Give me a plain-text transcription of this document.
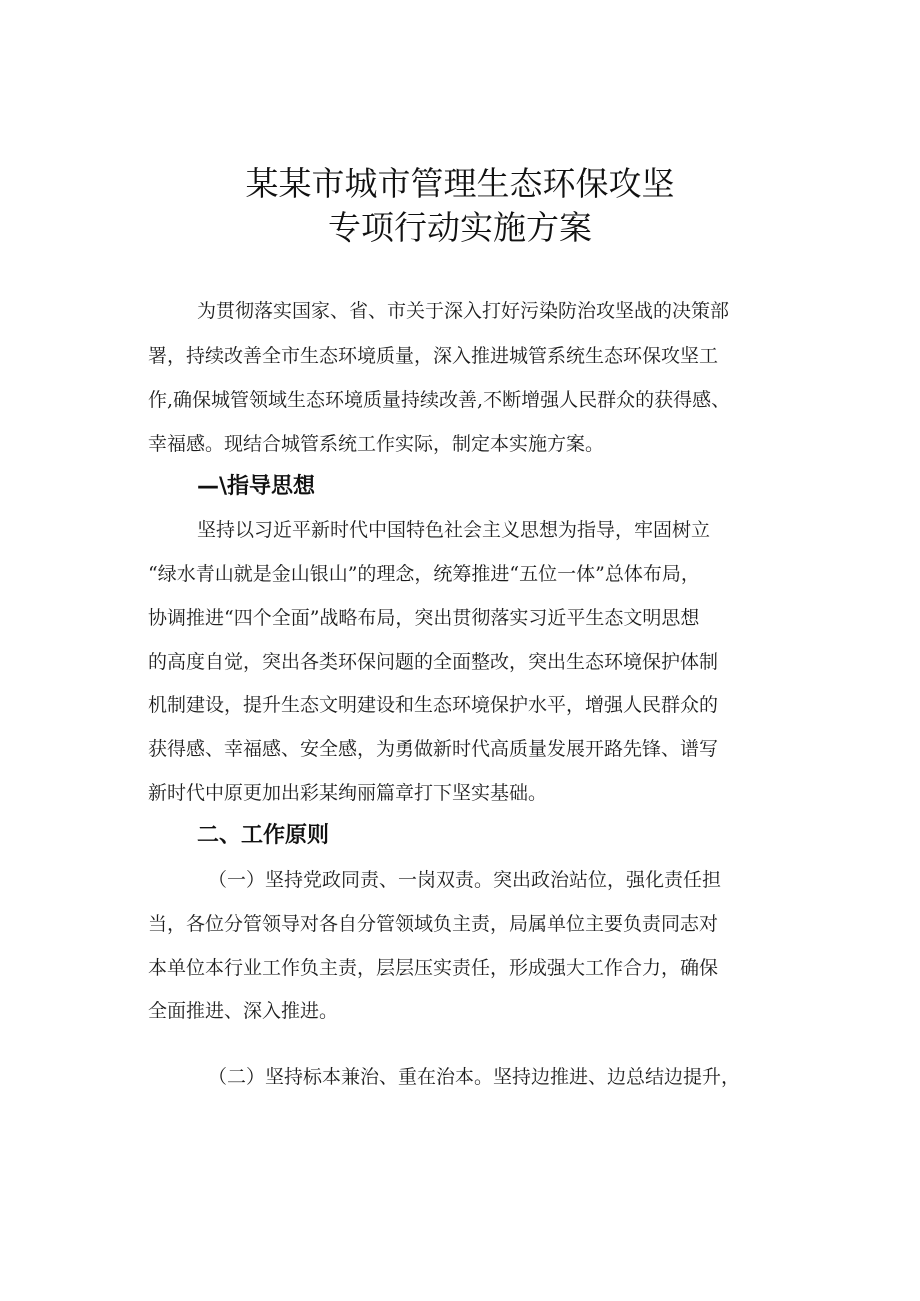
某某市城市管理生态环保攻坚
专项行动实施方案
为贯彻落实国家、省、市关于深入打好污染防治攻坚战的决策部
署，持续改善全市生态环境质量，深入推进城管系统生态环保攻坚工
作,确保城管领域生态环境质量持续改善,不断增强人民群众的获得感、
幸福感。现结合城管系统工作实际，制定本实施方案。
—\指导思想
坚持以习近平新时代中国特色社会主义思想为指导，牢固树立
“绿水青山就是金山银山”的理念，统筹推进“五位一体”总体布局，
协调推进“四个全面”战略布局，突出贯彻落实习近平生态文明思想
的高度自觉，突出各类环保问题的全面整改，突出生态环境保护体制
机制建设，提升生态文明建设和生态环境保护水平，增强人民群众的
获得感、幸福感、安全感，为勇做新时代高质量发展开路先锋、谱写
新时代中原更加出彩某绚丽篇章打下坚实基础。
二、工作原则
（一）坚持党政同责、一岗双责。突出政治站位，强化责任担
当，各位分管领导对各自分管领域负主责，局属单位主要负责同志对
本单位本行业工作负主责，层层压实责任，形成强大工作合力，确保
全面推进、深入推进。
（二）坚持标本兼治、重在治本。坚持边推进、边总结边提升，
